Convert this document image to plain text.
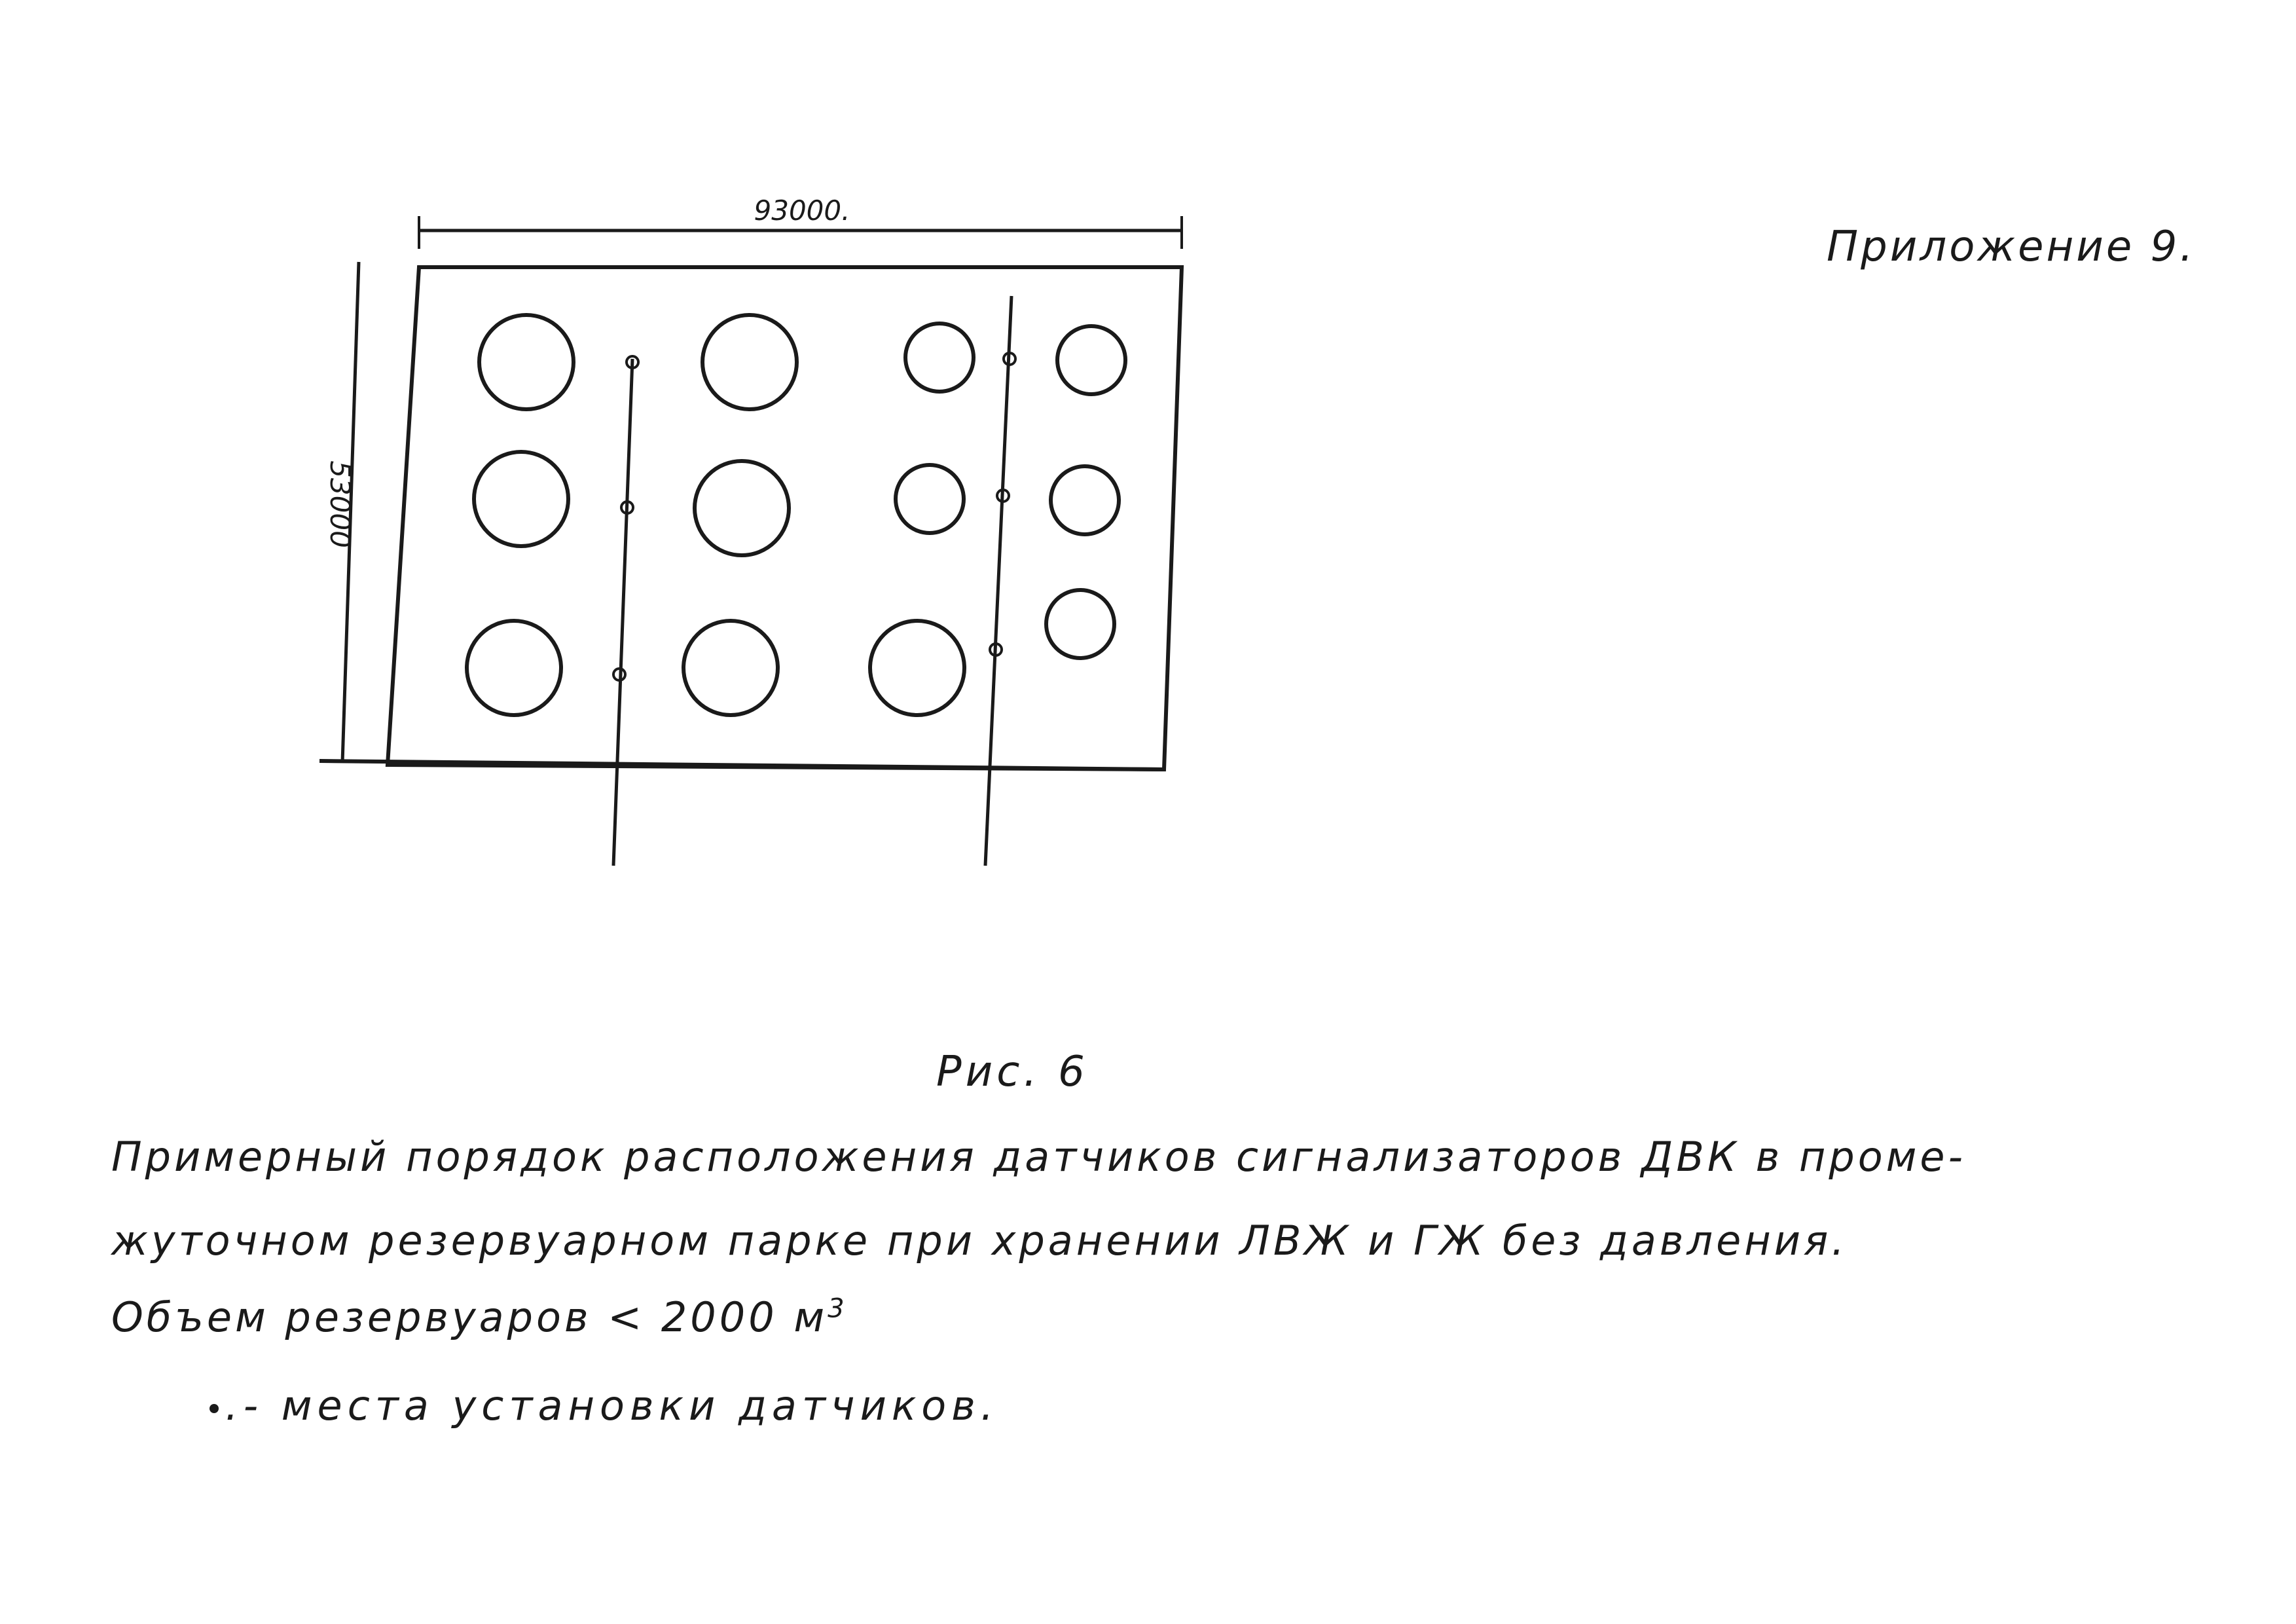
Приложение 9.
93000.
53000
Рис. 6
Примерный порядок расположения датчиков сигнализаторов ДВК в проме-
жуточном резервуарном парке при хранении ЛВЖ и ГЖ без давления.
Объем резервуаров < 2000 $м^3$
.- места установки датчиков.
